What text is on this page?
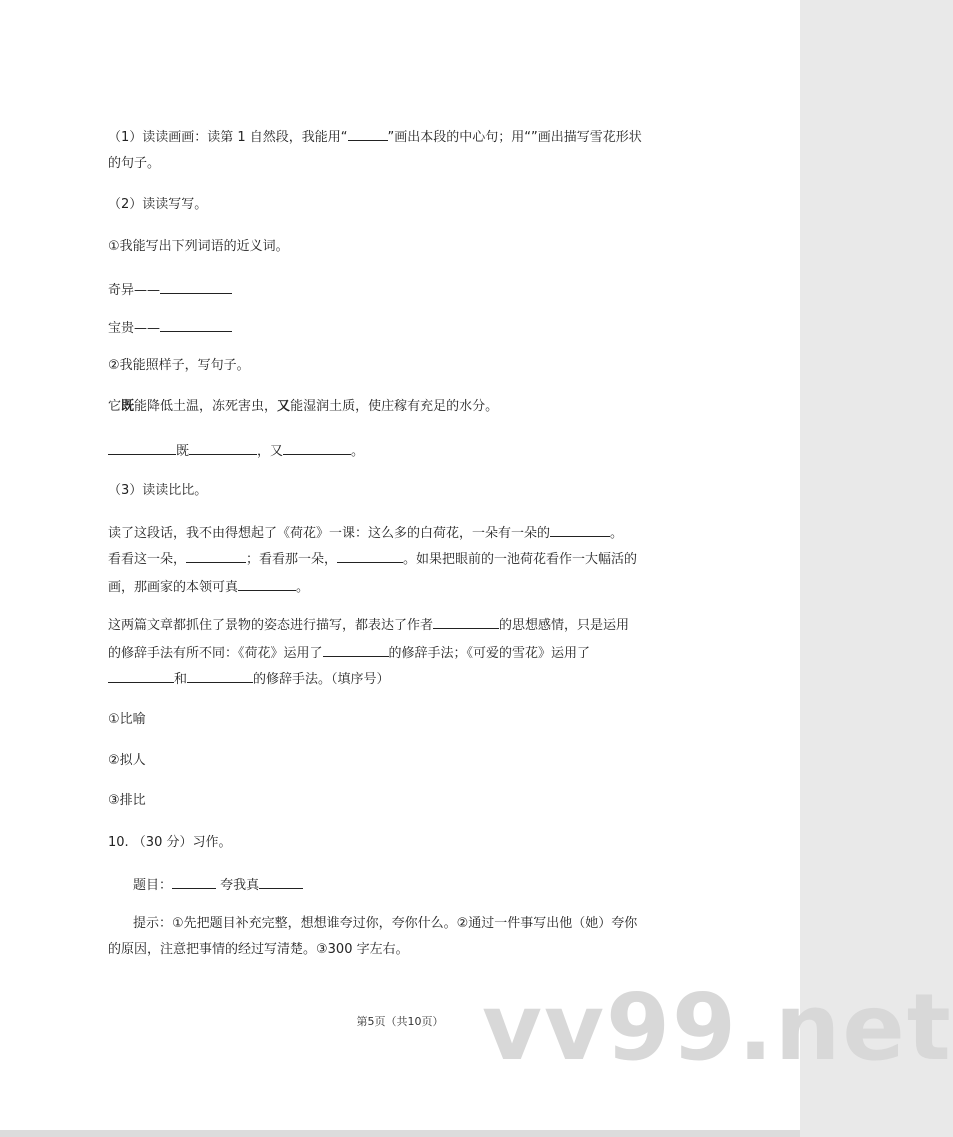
（1）读读画画：读第 1 自然段，我能用“	”画出本段的中心句；用“”画出描写雪花形状
的句子。
（2）读读写写。
①我能写出下列词语的近义词。
奇异——
宝贵——
②我能照样子，写句子。
它既能降低土温，冻死害虫，又能湿润土质，使庄稼有充足的水分。
既	，又	。
（3）读读比比。
读了这段话，我不由得想起了《荷花》一课：这么多的白荷花，一朵有一朵的	。
看看这一朵，	；看看那一朵，	。如果把眼前的一池荷花看作一大幅活的
画，那画家的本领可真	。
这两篇文章都抓住了景物的姿态进行描写，都表达了作者	的思想感情，只是运用
的修辞手法有所不同：《荷花》运用了	的修辞手法；《可爱的雪花》运用了
和	的修辞手法。（填序号）
①比喻
②拟人
③排比
10. （30 分）习作。
题目：	夸我真
提示：①先把题目补充完整，想想谁夸过你，夸你什么。②通过一件事写出他（她）夸你
的原因，注意把事情的经过写清楚。③300 字左右。
vv99.net
第5页（共10页）
